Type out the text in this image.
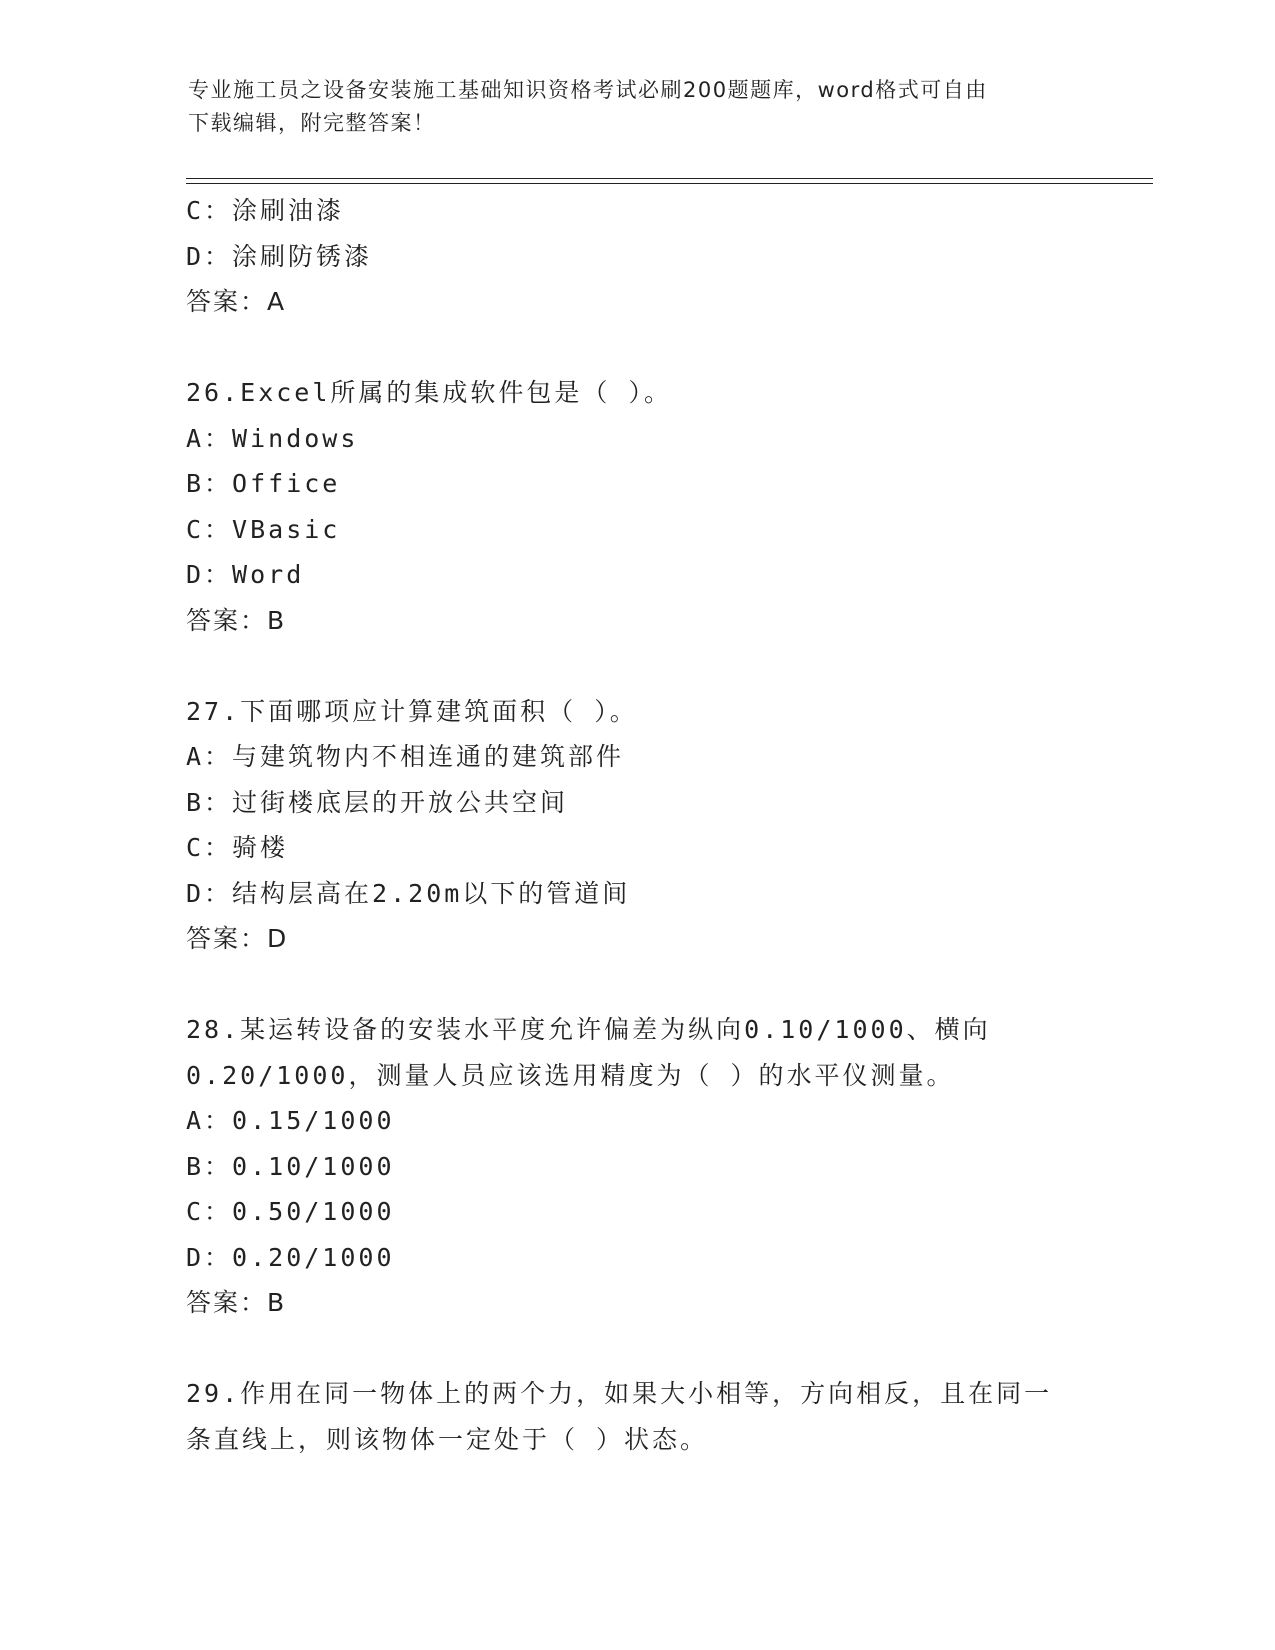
专业施工员之设备安装施工基础知识资格考试必刷200题题库，word格式可自由
下载编辑，附完整答案！
C：涂刷油漆
D：涂刷防锈漆
答案：A
26.Excel所属的集成软件包是（ ）。
A：Windows
B：Office
C：VBasic
D：Word
答案：B
27.下面哪项应计算建筑面积（ ）。
A：与建筑物内不相连通的建筑部件
B：过街楼底层的开放公共空间
C：骑楼
D：结构层高在2.20m以下的管道间
答案：D
28.某运转设备的安装水平度允许偏差为纵向0.10/1000、横向
0.20/1000，测量人员应该选用精度为（ ）的水平仪测量。
A：0.15/1000
B：0.10/1000
C：0.50/1000
D：0.20/1000
答案：B
29.作用在同一物体上的两个力，如果大小相等，方向相反，且在同一
条直线上，则该物体一定处于（ ）状态。
